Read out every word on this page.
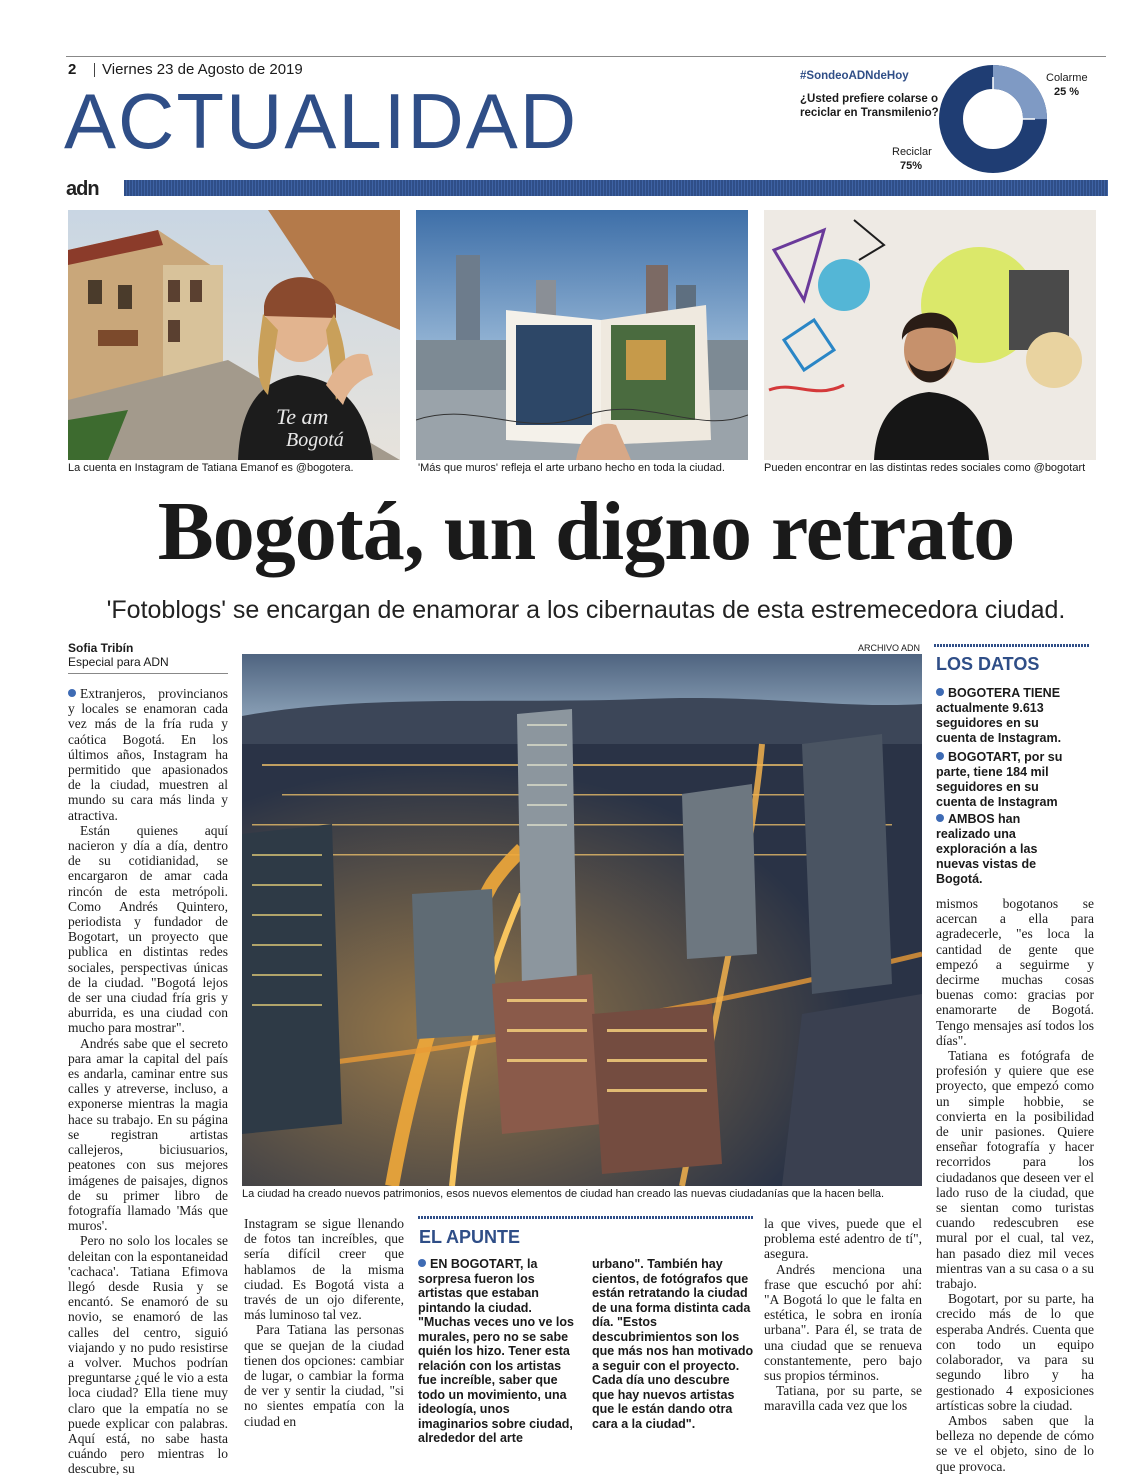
2 Viernes 23 de Agosto de 2019
ACTUALIDAD
#SondeoADNdeHoy
¿Usted prefiere colarse o reciclar en Transmilenio?
Colarme
25 %
Reciclar
75%
adn
Te am
Bogotá
La cuenta en Instagram de Tatiana Emanof es @bogotera.	'Más que muros' refleja el arte urbano hecho en toda la ciudad.	Pueden encontrar en las distintas redes sociales como @bogotart
Bogotá, un digno retrato
'Fotoblogs' se encargan de enamorar a los cibernautas de esta estremecedora ciudad.
Sofia Tribín
Especial para ADN
ARCHIVO ADN
La ciudad ha creado nuevos patrimonios, esos nuevos elementos de ciudad han creado las nuevas ciudadanías que la hacen bella.

Extranjeros, provincianos y locales se enamoran cada vez más de la fría ruda y caótica Bogotá. En los últimos años, Instagram ha permitido que apasionados de la ciudad, muestren al mundo su cara más linda y atractiva.

Están quienes aquí nacieron y día a día, dentro de su cotidianidad, se encargaron de amar cada rincón de esta metrópoli. Como Andrés Quintero, periodista y fundador de Bogotart, un proyecto que publica en distintas redes sociales, perspectivas únicas de la ciudad. "Bogotá lejos de ser una ciudad fría gris y aburrida, es una ciudad con mucho para mostrar".

Andrés sabe que el secreto para amar la capital del país es andarla, caminar entre sus calles y atreverse, incluso, a exponerse mientras la magia hace su trabajo. En su página se registran artistas callejeros, biciusuarios, peatones con sus mejores imágenes de paisajes, dignos de su primer libro de fotografía llamado 'Más que muros'.

Pero no solo los locales se deleitan con la espontaneidad 'cachaca'. Tatiana Efimova llegó desde Rusia y se encantó. Se enamoró de su novio, se enamoró de las calles del centro, siguió viajando y no pudo resistirse a volver. Muchos podrían preguntarse ¿qué le vio a esta loca ciudad? Ella tiene muy claro que la empatía no se puede explicar con palabras. Aquí está, no sabe hasta cuándo pero mientras lo descubre, su

Instagram se sigue llenando de fotos tan increíbles, que sería difícil creer que hablamos de la misma ciudad. Es Bogotá vista a través de un ojo diferente, más luminoso tal vez.

Para Tatiana las personas que se quejan de la ciudad tienen dos opciones: cambiar de lugar, o cambiar la forma de ver y sentir la ciudad, "si no sientes empatía con la ciudad en

EL APUNTE
EN BOGOTART, la sorpresa fueron los artistas que estaban pintando la ciudad. "Muchas veces uno ve los murales, pero no se sabe quién los hizo. Tener esta relación con los artistas fue increíble, saber que todo un movimiento, una ideología, unos imaginarios sobre ciudad, alrededor del arte
urbano". También hay cientos, de fotógrafos que están retratando la ciudad de una forma distinta cada día. "Estos descubrimientos son los que más nos han motivado a seguir con el proyecto. Cada día uno descubre que hay nuevos artistas que le están dando otra cara a la ciudad".

la que vives, puede que el problema esté adentro de tí", asegura.

Andrés menciona una frase que escuchó por ahí: "A Bogotá lo que le falta en estética, le sobra en ironía urbana". Para él, se trata de una ciudad que se renueva constantemente, pero bajo sus propios términos.

Tatiana, por su parte, se maravilla cada vez que los

LOS DATOS
BOGOTERA TIENE actualmente 9.613 seguidores en su cuenta de Instagram.
BOGOTART, por su parte, tiene 184 mil seguidores en su cuenta de Instagram
AMBOS han realizado una exploración a las nuevas vistas de Bogotá.

mismos bogotanos se acercan a ella para agradecerle, "es loca la cantidad de gente que empezó a seguirme y decirme muchas cosas buenas como: gracias por enamorarte de Bogotá. Tengo mensajes así todos los días".

Tatiana es fotógrafa de profesión y quiere que ese proyecto, que empezó como un simple hobbie, se convierta en la posibilidad de unir pasiones. Quiere enseñar fotografía y hacer recorridos para los ciudadanos que deseen ver el lado ruso de la ciudad, que se sientan como turistas cuando redescubren ese mural por el cual, tal vez, han pasado diez mil veces mientras van a su casa o a su trabajo.

Bogotart, por su parte, ha crecido más de lo que esperaba Andrés. Cuenta que con todo un equipo colaborador, va para su segundo libro y ha gestionado 4 exposiciones artísticas sobre la ciudad.

Ambos saben que la belleza no depende de cómo se ve el objeto, sino de lo que provoca.
